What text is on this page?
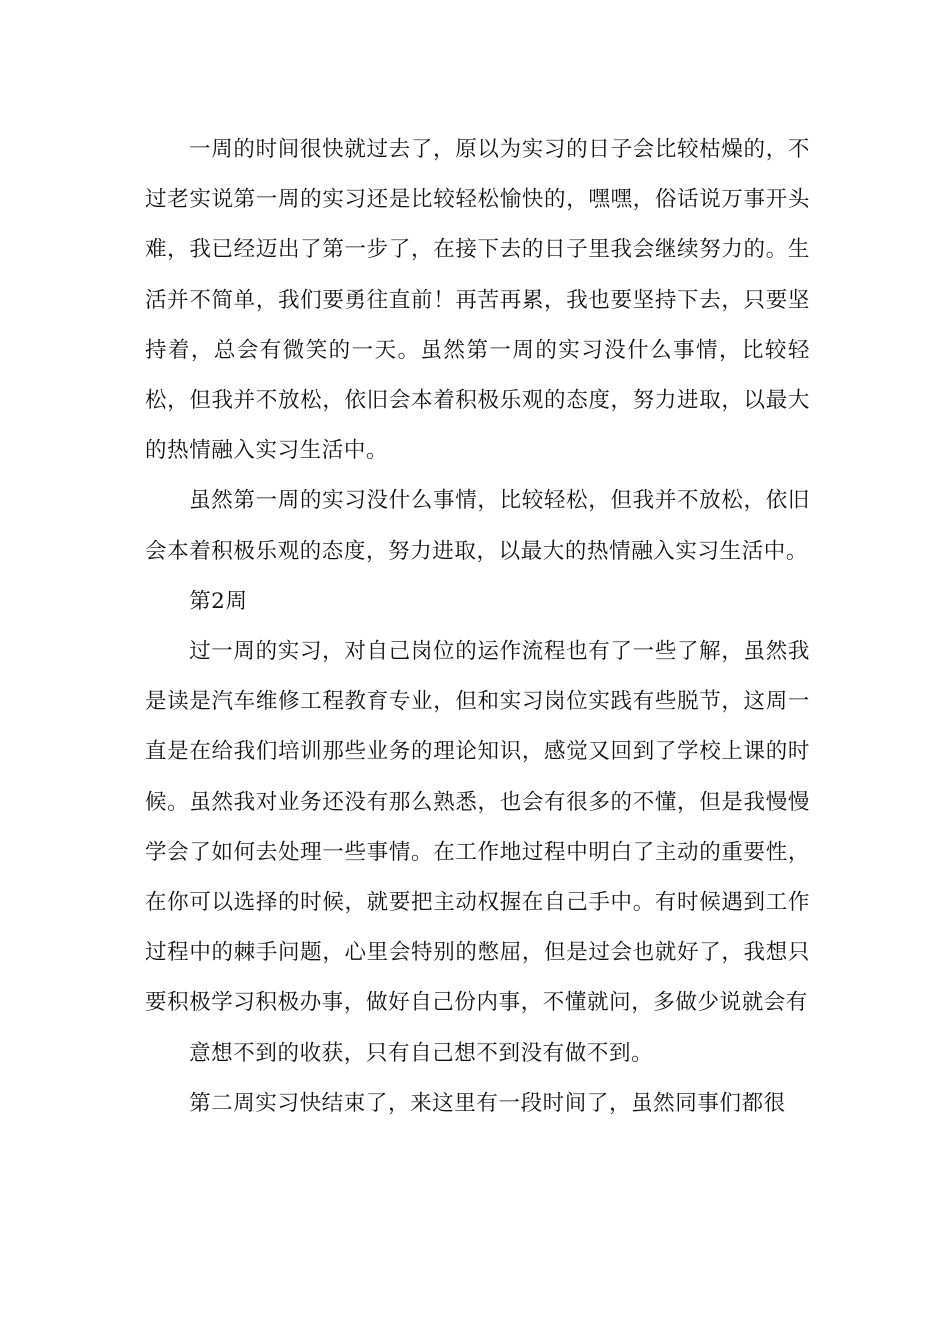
一周的时间很快就过去了，原以为实习的日子会比较枯燥的，不过老实说第一周的实习还是比较轻松愉快的，嘿嘿，俗话说万事开头难，我已经迈出了第一步了，在接下去的日子里我会继续努力的。生活并不简单，我们要勇往直前！再苦再累，我也要坚持下去，只要坚持着，总会有微笑的一天。虽然第一周的实习没什么事情，比较轻松，但我并不放松，依旧会本着积极乐观的态度，努力进取，以最大的热情融入实习生活中。

虽然第一周的实习没什么事情，比较轻松，但我并不放松，依旧会本着积极乐观的态度，努力进取，以最大的热情融入实习生活中。

第2周

过一周的实习，对自己岗位的运作流程也有了一些了解，虽然我是读是汽车维修工程教育专业，但和实习岗位实践有些脱节，这周一直是在给我们培训那些业务的理论知识，感觉又回到了学校上课的时候。虽然我对业务还没有那么熟悉，也会有很多的不懂，但是我慢慢学会了如何去处理一些事情。在工作地过程中明白了主动的重要性，在你可以选择的时候，就要把主动权握在自己手中。有时候遇到工作过程中的棘手问题，心里会特别的憋屈，但是过会也就好了，我想只要积极学习积极办事，做好自己份内事，不懂就问，多做少说就会有

意想不到的收获，只有自己想不到没有做不到。

第二周实习快结束了，来这里有一段时间了，虽然同事们都很
